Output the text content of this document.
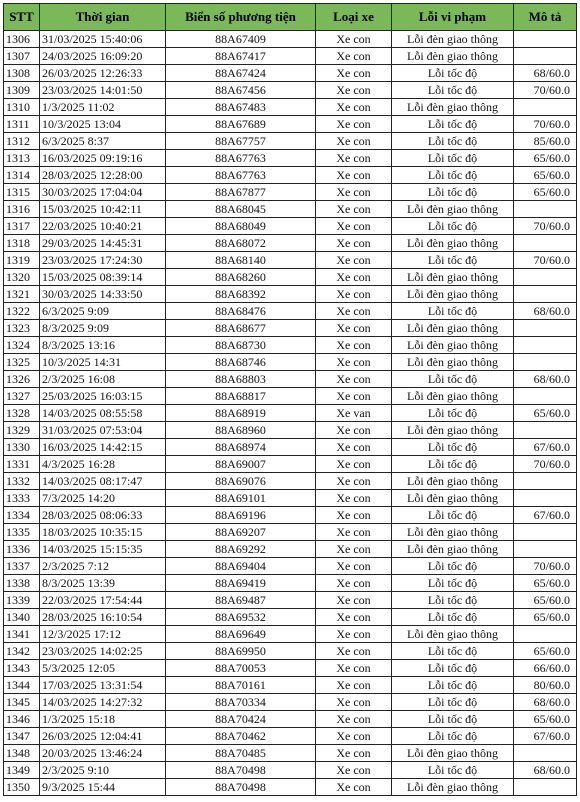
STT	Thời gian	Biển số phương tiện	Loại xe	Lỗi vi phạm	Mô tả
1306	31/03/2025 15:40:06	88A67409	Xe con	Lỗi đèn giao thông	
1307	24/03/2025 16:09:20	88A67417	Xe con	Lỗi đèn giao thông	
1308	26/03/2025 12:26:33	88A67424	Xe con	Lỗi tốc độ	68/60.0
1309	23/03/2025 14:01:50	88A67456	Xe con	Lỗi tốc độ	70/60.0
1310	1/3/2025 11:02	88A67483	Xe con	Lỗi đèn giao thông	
1311	10/3/2025 13:04	88A67689	Xe con	Lỗi tốc độ	70/60.0
1312	6/3/2025 8:37	88A67757	Xe con	Lỗi tốc độ	85/60.0
1313	16/03/2025 09:19:16	88A67763	Xe con	Lỗi tốc độ	65/60.0
1314	28/03/2025 12:28:00	88A67763	Xe con	Lỗi tốc độ	65/60.0
1315	30/03/2025 17:04:04	88A67877	Xe con	Lỗi tốc độ	65/60.0
1316	15/03/2025 10:42:11	88A68045	Xe con	Lỗi đèn giao thông	
1317	22/03/2025 10:40:21	88A68049	Xe con	Lỗi tốc độ	70/60.0
1318	29/03/2025 14:45:31	88A68072	Xe con	Lỗi đèn giao thông	
1319	23/03/2025 17:24:30	88A68140	Xe con	Lỗi tốc độ	70/60.0
1320	15/03/2025 08:39:14	88A68260	Xe con	Lỗi đèn giao thông	
1321	30/03/2025 14:33:50	88A68392	Xe con	Lỗi đèn giao thông	
1322	6/3/2025 9:09	88A68476	Xe con	Lỗi tốc độ	68/60.0
1323	8/3/2025 9:09	88A68677	Xe con	Lỗi đèn giao thông	
1324	8/3/2025 13:16	88A68730	Xe con	Lỗi đèn giao thông	
1325	10/3/2025 14:31	88A68746	Xe con	Lỗi đèn giao thông	
1326	2/3/2025 16:08	88A68803	Xe con	Lỗi tốc độ	68/60.0
1327	25/03/2025 16:03:15	88A68817	Xe con	Lỗi đèn giao thông	
1328	14/03/2025 08:55:58	88A68919	Xe van	Lỗi tốc độ	65/60.0
1329	31/03/2025 07:53:04	88A68960	Xe con	Lỗi đèn giao thông	
1330	16/03/2025 14:42:15	88A68974	Xe con	Lỗi tốc độ	67/60.0
1331	4/3/2025 16:28	88A69007	Xe con	Lỗi tốc độ	70/60.0
1332	14/03/2025 08:17:47	88A69076	Xe con	Lỗi đèn giao thông	
1333	7/3/2025 14:20	88A69101	Xe con	Lỗi đèn giao thông	
1334	28/03/2025 08:06:33	88A69196	Xe con	Lỗi tốc độ	67/60.0
1335	18/03/2025 10:35:15	88A69207	Xe con	Lỗi đèn giao thông	
1336	14/03/2025 15:15:35	88A69292	Xe con	Lỗi đèn giao thông	
1337	2/3/2025 7:12	88A69404	Xe con	Lỗi tốc độ	70/60.0
1338	8/3/2025 13:39	88A69419	Xe con	Lỗi tốc độ	65/60.0
1339	22/03/2025 17:54:44	88A69487	Xe con	Lỗi tốc độ	65/60.0
1340	28/03/2025 16:10:54	88A69532	Xe con	Lỗi tốc độ	65/60.0
1341	12/3/2025 17:12	88A69649	Xe con	Lỗi đèn giao thông	
1342	23/03/2025 14:02:25	88A69950	Xe con	Lỗi tốc độ	65/60.0
1343	5/3/2025 12:05	88A70053	Xe con	Lỗi tốc độ	66/60.0
1344	17/03/2025 13:31:54	88A70161	Xe con	Lỗi tốc độ	80/60.0
1345	14/03/2025 14:27:32	88A70334	Xe con	Lỗi tốc độ	68/60.0
1346	1/3/2025 15:18	88A70424	Xe con	Lỗi tốc độ	65/60.0
1347	26/03/2025 12:04:41	88A70462	Xe con	Lỗi tốc độ	67/60.0
1348	20/03/2025 13:46:24	88A70485	Xe con	Lỗi đèn giao thông	
1349	2/3/2025 9:10	88A70498	Xe con	Lỗi tốc độ	68/60.0
1350	9/3/2025 15:44	88A70498	Xe con	Lỗi đèn giao thông	
